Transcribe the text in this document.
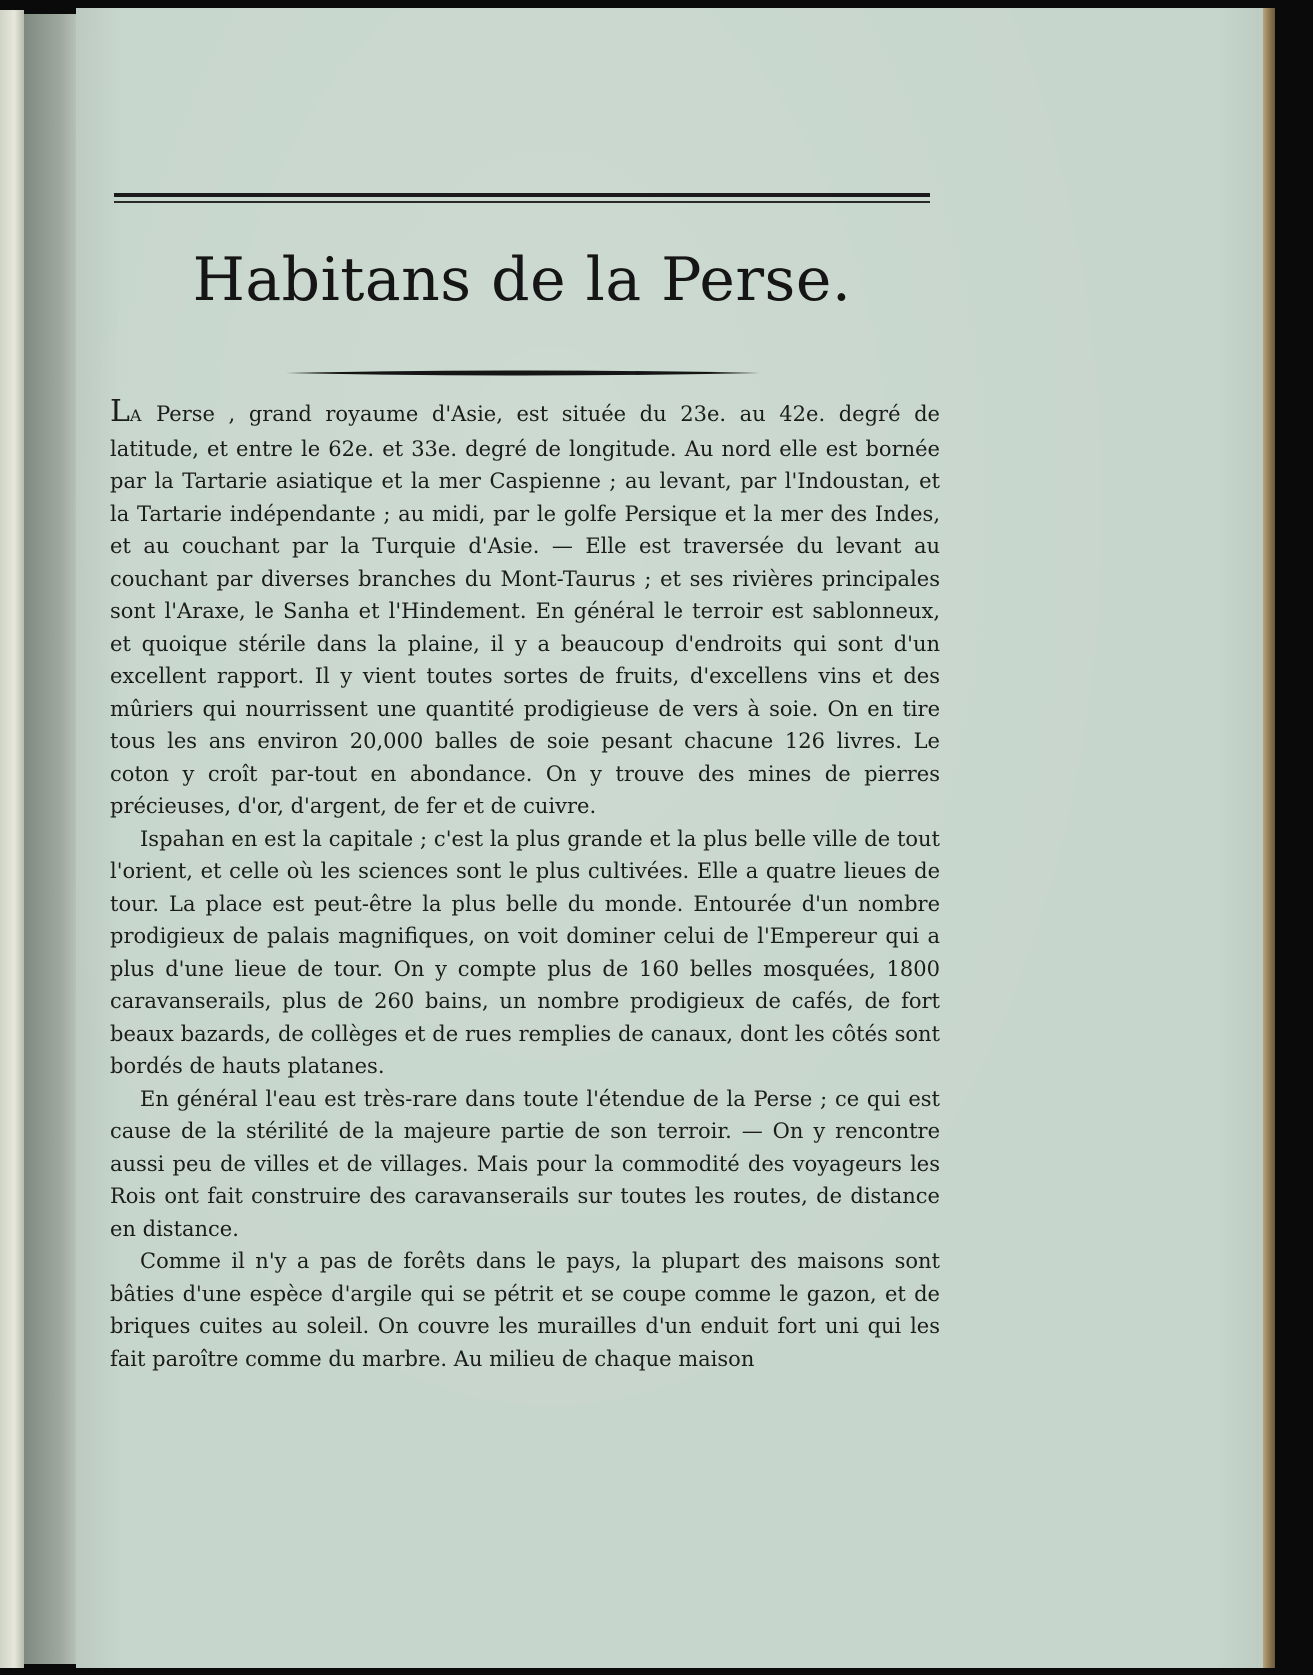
Habitans de la Perse.

LA Perse , grand royaume d'Asie, est située du 23e. au 42e. degré de latitude, et entre le 62e. et 33e. degré de longitude. Au nord elle est bornée par la Tartarie asiatique et la mer Caspienne ; au levant, par l'Indoustan, et la Tartarie indépendante ; au midi, par le golfe Persique et la mer des Indes, et au couchant par la Turquie d'Asie. — Elle est traversée du levant au couchant par diverses branches du Mont-Taurus ; et ses rivières principales sont l'Araxe, le Sanha et l'Hindement. En général le terroir est sablonneux, et quoique stérile dans la plaine, il y a beaucoup d'endroits qui sont d'un excellent rapport. Il y vient toutes sortes de fruits, d'excellens vins et des mûriers qui nourrissent une quantité prodigieuse de vers à soie. On en tire tous les ans environ 20,000 balles de soie pesant chacune 126 livres. Le coton y croît par-tout en abondance. On y trouve des mines de pierres précieuses, d'or, d'argent, de fer et de cuivre.

Ispahan en est la capitale ; c'est la plus grande et la plus belle ville de tout l'orient, et celle où les sciences sont le plus cultivées. Elle a quatre lieues de tour. La place est peut-être la plus belle du monde. Entourée d'un nombre prodigieux de palais magnifiques, on voit dominer celui de l'Empereur qui a plus d'une lieue de tour. On y compte plus de 160 belles mosquées, 1800 caravanserails, plus de 260 bains, un nombre prodigieux de cafés, de fort beaux bazards, de collèges et de rues remplies de canaux, dont les côtés sont bordés de hauts platanes.

En général l'eau est très-rare dans toute l'étendue de la Perse ; ce qui est cause de la stérilité de la majeure partie de son terroir. — On y rencontre aussi peu de villes et de villages. Mais pour la commodité des voyageurs les Rois ont fait construire des caravanserails sur toutes les routes, de distance en distance.

Comme il n'y a pas de forêts dans le pays, la plupart des maisons sont bâties d'une espèce d'argile qui se pétrit et se coupe comme le gazon, et de briques cuites au soleil. On couvre les murailles d'un enduit fort uni qui les fait paroître comme du marbre. Au milieu de chaque maison
